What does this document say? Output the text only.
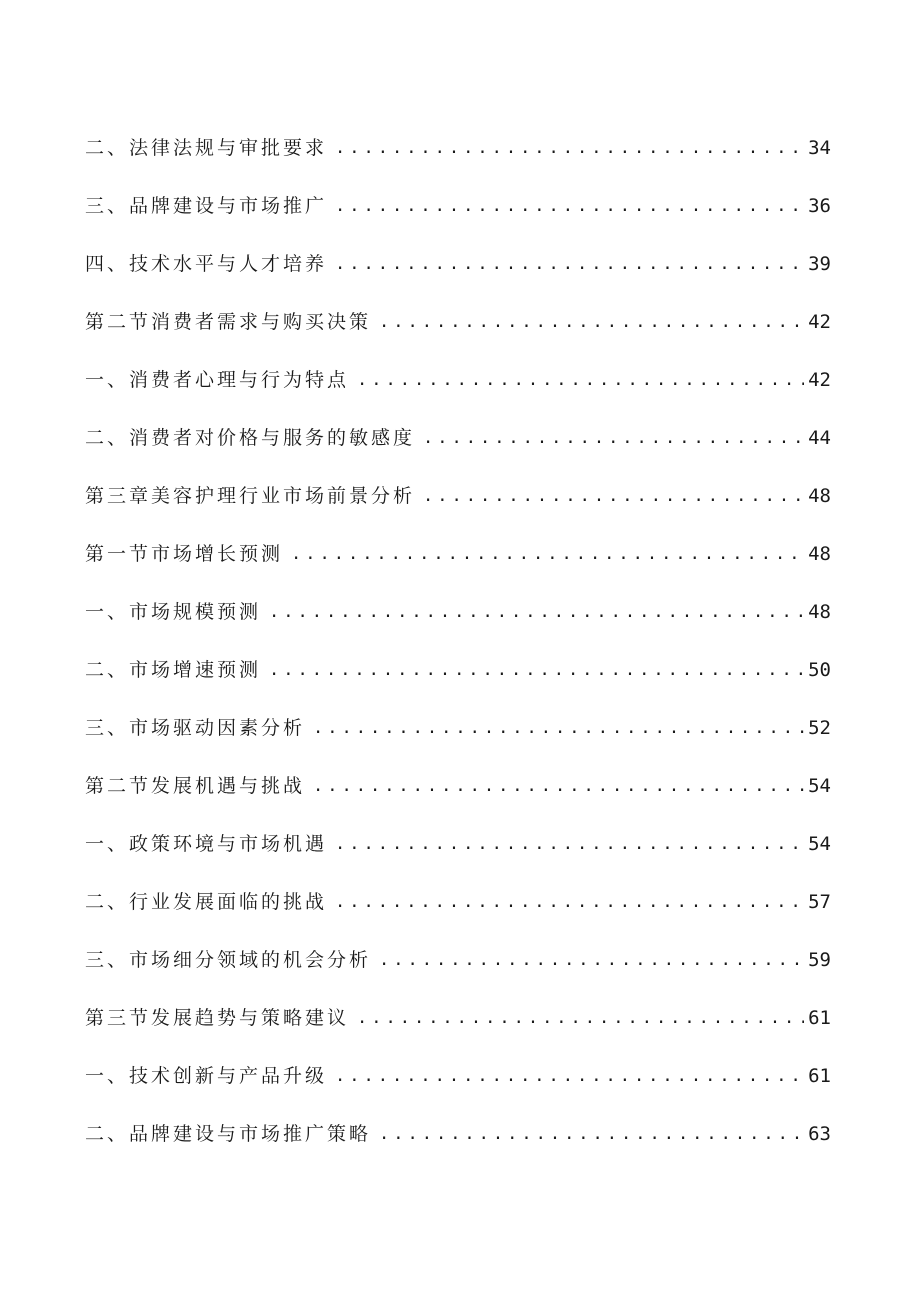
二、法律法规与审批要求 .....	34
三、品牌建设与市场推广 .....	36
四、技术水平与人才培养 .....	39
第二节消费者需求与购买决策 .....	42
一、消费者心理与行为特点 .....	42
二、消费者对价格与服务的敏感度 .....	44
第三章美容护理行业市场前景分析 .....	48
第一节市场增长预测 .....	48
一、市场规模预测 .....	48
二、市场增速预测 .....	50
三、市场驱动因素分析 .....	52
第二节发展机遇与挑战 .....	54
一、政策环境与市场机遇 .....	54
二、行业发展面临的挑战 .....	57
三、市场细分领域的机会分析 .....	59
第三节发展趋势与策略建议 .....	61
一、技术创新与产品升级 .....	61
二、品牌建设与市场推广策略 .....	63
